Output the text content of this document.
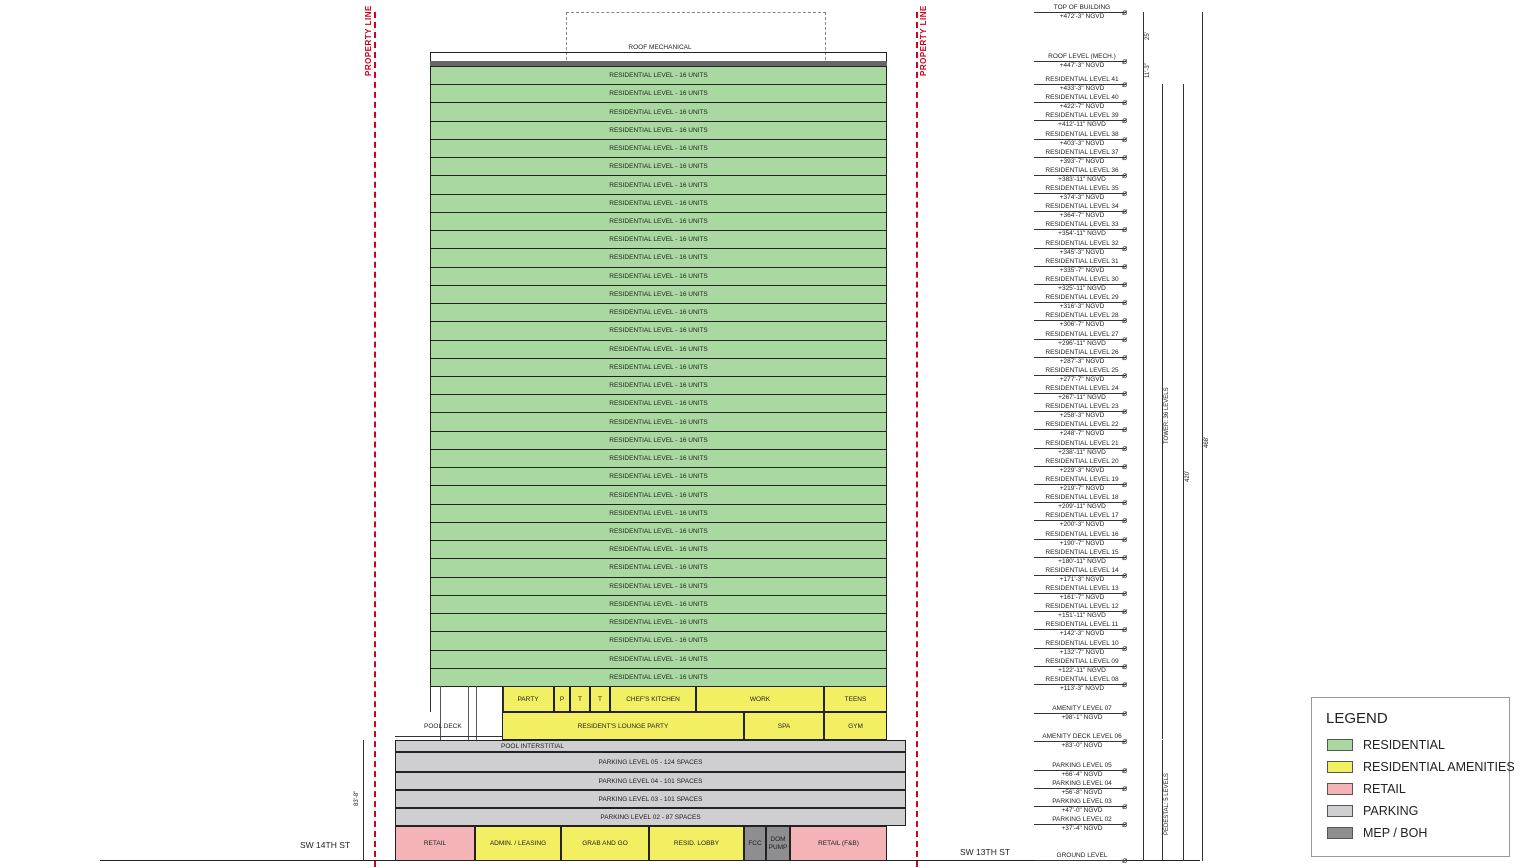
PROPERTY LINE	PROPERTY LINE
ROOF MECHANICAL
RESIDENTIAL LEVEL - 16 UNITS
RESIDENTIAL LEVEL - 16 UNITS
RESIDENTIAL LEVEL - 16 UNITS
RESIDENTIAL LEVEL - 16 UNITS
RESIDENTIAL LEVEL - 16 UNITS
RESIDENTIAL LEVEL - 16 UNITS
RESIDENTIAL LEVEL - 16 UNITS
RESIDENTIAL LEVEL - 16 UNITS
RESIDENTIAL LEVEL - 16 UNITS
RESIDENTIAL LEVEL - 16 UNITS
RESIDENTIAL LEVEL - 16 UNITS
RESIDENTIAL LEVEL - 16 UNITS
RESIDENTIAL LEVEL - 16 UNITS
RESIDENTIAL LEVEL - 16 UNITS
RESIDENTIAL LEVEL - 16 UNITS
RESIDENTIAL LEVEL - 16 UNITS
RESIDENTIAL LEVEL - 16 UNITS
RESIDENTIAL LEVEL - 16 UNITS
RESIDENTIAL LEVEL - 16 UNITS
RESIDENTIAL LEVEL - 16 UNITS
RESIDENTIAL LEVEL - 16 UNITS
RESIDENTIAL LEVEL - 16 UNITS
RESIDENTIAL LEVEL - 16 UNITS
RESIDENTIAL LEVEL - 16 UNITS
RESIDENTIAL LEVEL - 16 UNITS
RESIDENTIAL LEVEL - 16 UNITS
RESIDENTIAL LEVEL - 16 UNITS
RESIDENTIAL LEVEL - 16 UNITS
RESIDENTIAL LEVEL - 16 UNITS
RESIDENTIAL LEVEL - 16 UNITS
RESIDENTIAL LEVEL - 16 UNITS
RESIDENTIAL LEVEL - 16 UNITS
RESIDENTIAL LEVEL - 16 UNITS
RESIDENTIAL LEVEL - 16 UNITS
PARTY	P	T	T	CHEF'S KITCHEN	WORK	TEENS
POOL DECK	RESIDENT'S LOUNGE PARTY	SPA	GYM
POOL INTERSTITIAL
PARKING LEVEL 05 - 124 SPACES
PARKING LEVEL 04 - 101 SPACES
PARKING LEVEL 03 - 101 SPACES
PARKING LEVEL 02 - 87 SPACES
RETAIL	ADMIN. / LEASING	GRAB AND GO	RESID. LOBBY	FCC
DOM PUMP
RETAIL (F&B)
SW 14TH ST
SW 13TH ST
83'-8"
TOP OF BUILDING
+472'-3" NGVD	⌀
ROOF LEVEL (MECH.)
+447'-3" NGVD	⌀
RESIDENTIAL LEVEL 41
+433'-3" NGVD	⌀
RESIDENTIAL LEVEL 40
+422'-7" NGVD	⌀
RESIDENTIAL LEVEL 39
+412'-11" NGVD	⌀
RESIDENTIAL LEVEL 38
+403'-3" NGVD	⌀
RESIDENTIAL LEVEL 37
+393'-7" NGVD	⌀
RESIDENTIAL LEVEL 36
+383'-11" NGVD	⌀
RESIDENTIAL LEVEL 35
+374'-3" NGVD	⌀
RESIDENTIAL LEVEL 34
+364'-7" NGVD	⌀
RESIDENTIAL LEVEL 33
+354'-11" NGVD	⌀
RESIDENTIAL LEVEL 32
+345'-3" NGVD	⌀
RESIDENTIAL LEVEL 31
+335'-7" NGVD	⌀
RESIDENTIAL LEVEL 30
+325'-11" NGVD	⌀
RESIDENTIAL LEVEL 29
+316'-3" NGVD	⌀
RESIDENTIAL LEVEL 28
+306'-7" NGVD	⌀
RESIDENTIAL LEVEL 27
+296'-11" NGVD	⌀
RESIDENTIAL LEVEL 26
+287'-3" NGVD	⌀
RESIDENTIAL LEVEL 25
+277'-7" NGVD	⌀
RESIDENTIAL LEVEL 24
+267'-11" NGVD	⌀
RESIDENTIAL LEVEL 23
+258'-3" NGVD	⌀
RESIDENTIAL LEVEL 22
+248'-7" NGVD	⌀
RESIDENTIAL LEVEL 21
+238'-11" NGVD	⌀
RESIDENTIAL LEVEL 20
+229'-3" NGVD	⌀
RESIDENTIAL LEVEL 19
+219'-7" NGVD	⌀
RESIDENTIAL LEVEL 18
+209'-11" NGVD	⌀
RESIDENTIAL LEVEL 17
+200'-3" NGVD	⌀
RESIDENTIAL LEVEL 16
+190'-7" NGVD	⌀
RESIDENTIAL LEVEL 15
+180'-11" NGVD	⌀
RESIDENTIAL LEVEL 14
+171'-3" NGVD	⌀
RESIDENTIAL LEVEL 13
+161'-7" NGVD	⌀
RESIDENTIAL LEVEL 12
+151'-11" NGVD	⌀
RESIDENTIAL LEVEL 11
+142'-3" NGVD	⌀
RESIDENTIAL LEVEL 10
+132'-7" NGVD	⌀
RESIDENTIAL LEVEL 09
+122'-11" NGVD	⌀
RESIDENTIAL LEVEL 08
+113'-3" NGVD	⌀
AMENITY LEVEL 07
+98'-1" NGVD	⌀
AMENITY DECK LEVEL 06
+83'-0" NGVD	⌀
PARKING LEVEL 05
+66'-4" NGVD	⌀
PARKING LEVEL 04
+56'-8" NGVD	⌀
PARKING LEVEL 03
+47'-0" NGVD	⌀
PARKING LEVEL 02
+37'-4" NGVD	⌀
GROUND LEVEL	⌀
TOWER: 36 LEVELS
PEDESTAL: 5 LEVELS
420'
468'
25'
11'-3"
LEGEND
RESIDENTIAL
RESIDENTIAL AMENITIES
RETAIL
PARKING
MEP / BOH
